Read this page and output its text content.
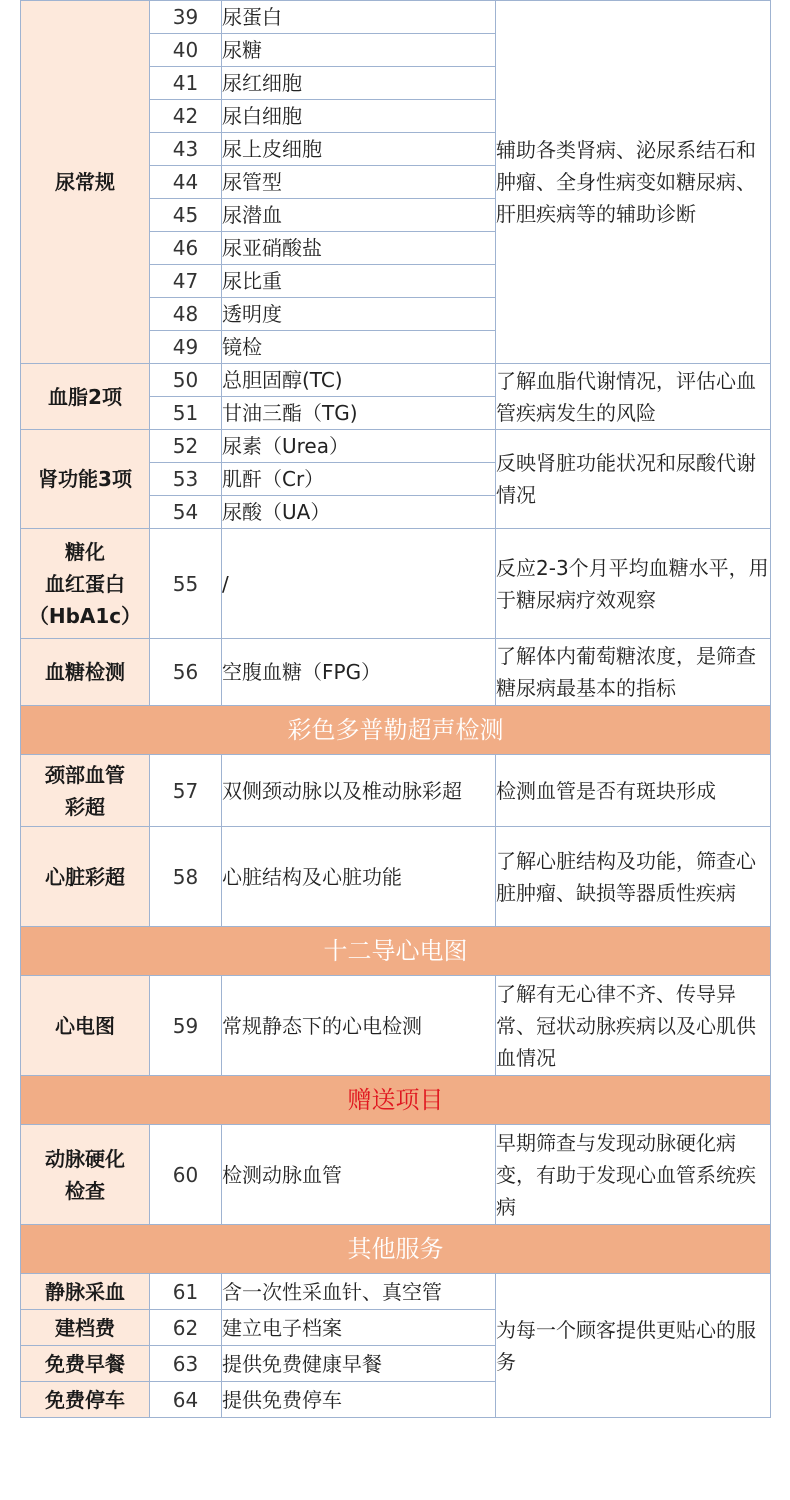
尿常规	39	尿蛋白	辅助各类肾病、泌尿系结石和肿瘤、全身性病变如糖尿病、肝胆疾病等的辅助诊断
	40	尿糖	
	41	尿红细胞	
	42	尿白细胞	
	43	尿上皮细胞	
	44	尿管型	
	45	尿潜血	
	46	尿亚硝酸盐	
	47	尿比重	
	48	透明度	
	49	镜检	
血脂2项	50	总胆固醇(TC)	了解血脂代谢情况，评估心血管疾病发生的风险
	51	甘油三酯（TG)	
肾功能3项	52	尿素（Urea）	反映肾脏功能状况和尿酸代谢情况
	53	肌酐（Cr）	
	54	尿酸（UA）	

糖化
血红蛋白
（HbA1c）	55	/	反应2-3个月平均血糖水平，用于糖尿病疗效观察
血糖检测	56	空腹血糖（FPG）	了解体内葡萄糖浓度，是筛查糖尿病最基本的指标
彩色多普勒超声检测			

颈部血管
彩超	57	双侧颈动脉以及椎动脉彩超	检测血管是否有斑块形成
心脏彩超	58	心脏结构及心脏功能	了解心脏结构及功能，筛查心脏肿瘤、缺损等器质性疾病
十二导心电图			
心电图	59	常规静态下的心电检测	了解有无心律不齐、传导异常、冠状动脉疾病以及心肌供血情况
赠送项目			

动脉硬化
检查	60	检测动脉血管	早期筛查与发现动脉硬化病变，有助于发现心血管系统疾病
其他服务			
静脉采血	61	含一次性采血针、真空管	为每一个顾客提供更贴心的服务
建档费	62	建立电子档案	
免费早餐	63	提供免费健康早餐	
免费停车	64	提供免费停车	
